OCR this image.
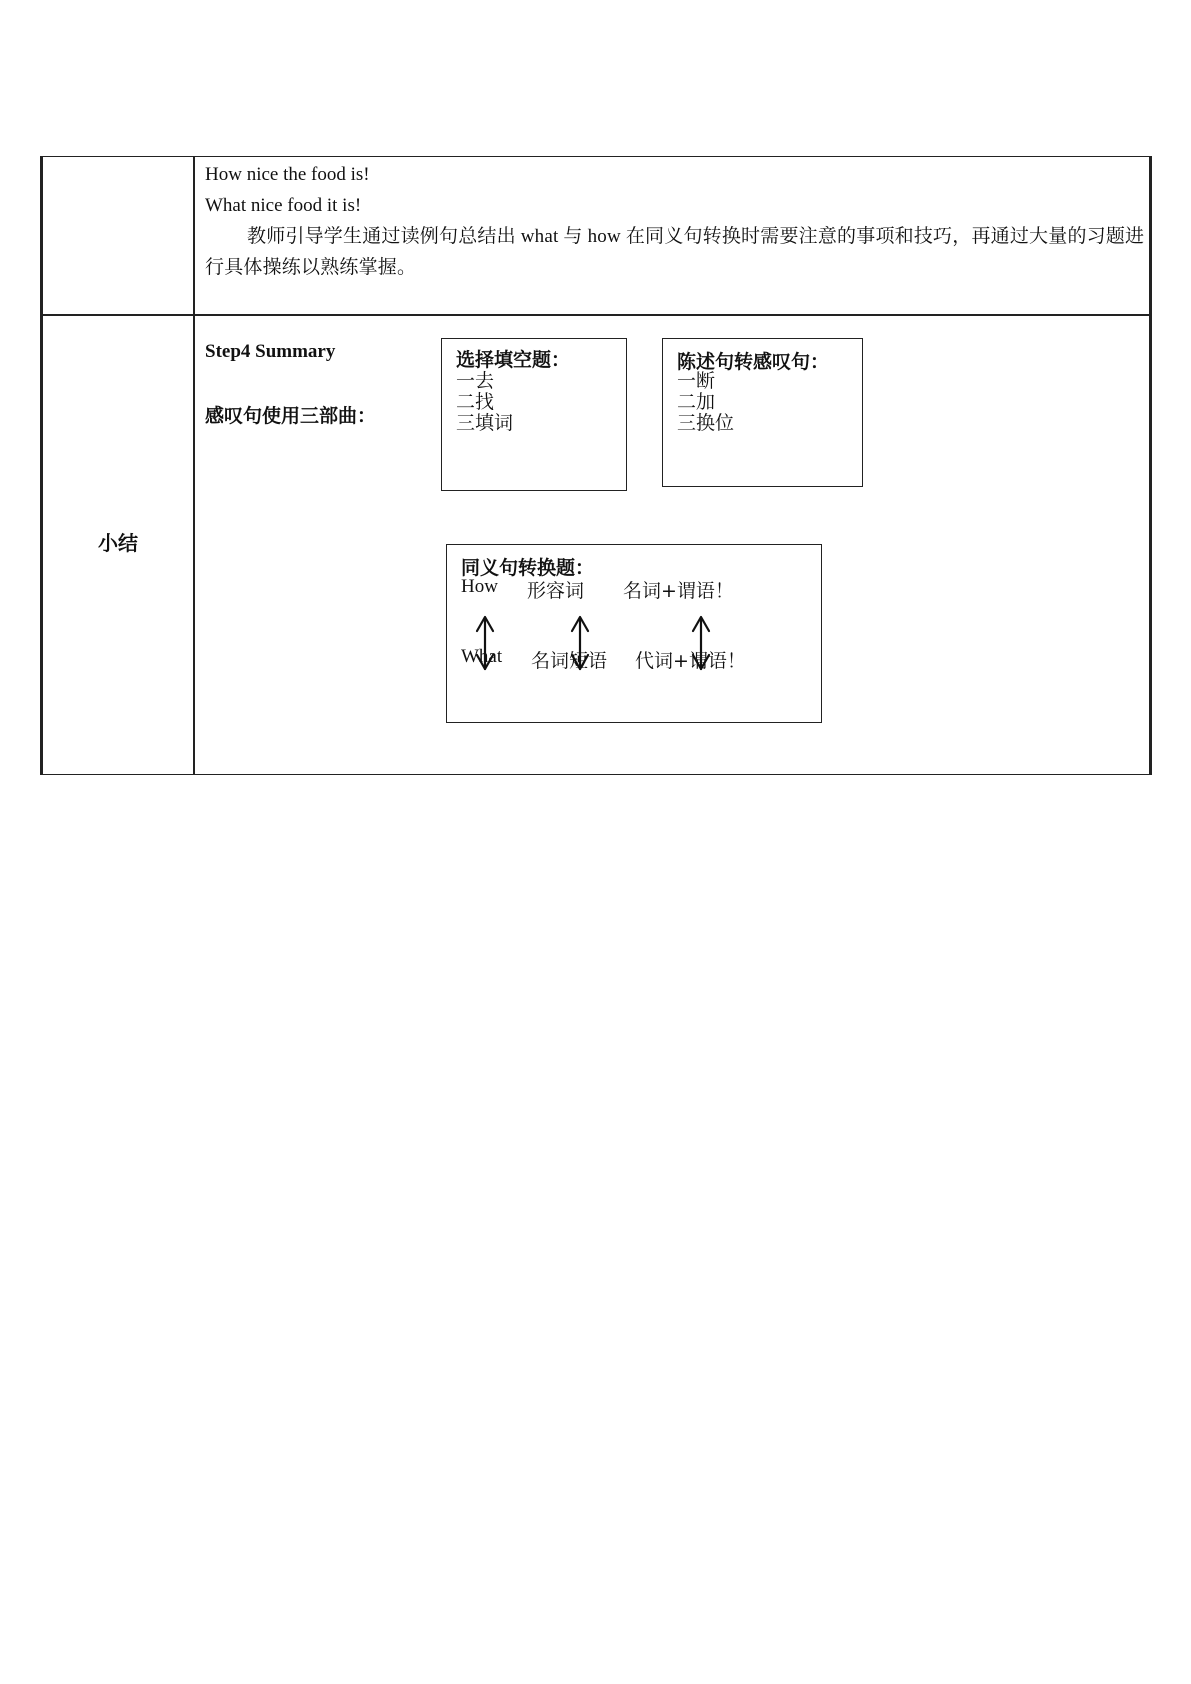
How nice the food is!
What nice food it is!
教师引导学生通过读例句总结出 what 与 how 在同义句转换时需要注意的事项和技巧，再通过大量的习题进行具体操练以熟练掌握。
小结
Step4 Summary
感叹句使用三部曲：
选择填空题：
一去
二找
三填词
陈述句转感叹句：
一断
二加
三换位
同义句转换题：
How 形容词 名词+谓语！
What 名词短语 代词+谓语！
